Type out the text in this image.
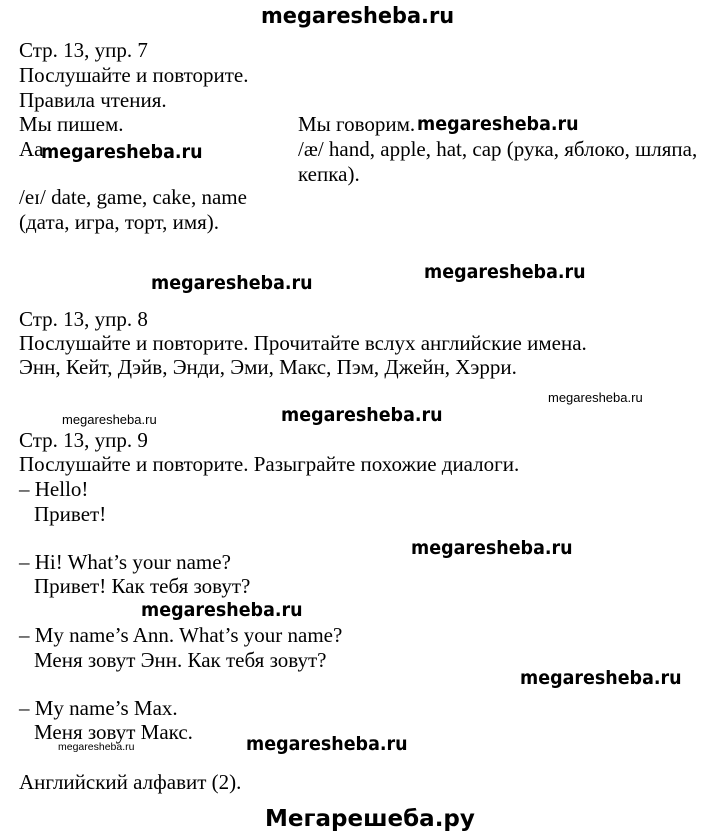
megaresheba.ru
Стр. 13, упр. 7
Послушайте и повторите.
Правила чтения.
Мы пишем.
Aa
megaresheba.ru
/eɪ/ date, game, cake, name
(дата, игра, торт, имя).
Мы говорим. megaresheba.ru
/æ/ hand, apple, hat, cap (рука, яблоко, шляпа,
кепка).
megaresheba.ru
megaresheba.ru
Стр. 13, упр. 8
Послушайте и повторите. Прочитайте вслух английские имена.
Энн, Кейт, Дэйв, Энди, Эми, Макс, Пэм, Джейн, Хэрри.
megaresheba.ru
megaresheba.ru	megaresheba.ru
Стр. 13, упр. 9
Послушайте и повторите. Разыграйте похожие диалоги.
– Hello!
Привет!
megaresheba.ru
– Hi! What’s your name?
Привет! Как тебя зовут?
megaresheba.ru
– My name’s Ann. What’s your name?
Меня зовут Энн. Как тебя зовут?
megaresheba.ru
– My name’s Max.
Меня зовут Макс.	megaresheba.ru
megaresheba.ru
Английский алфавит (2).
Мегарешеба.ру
